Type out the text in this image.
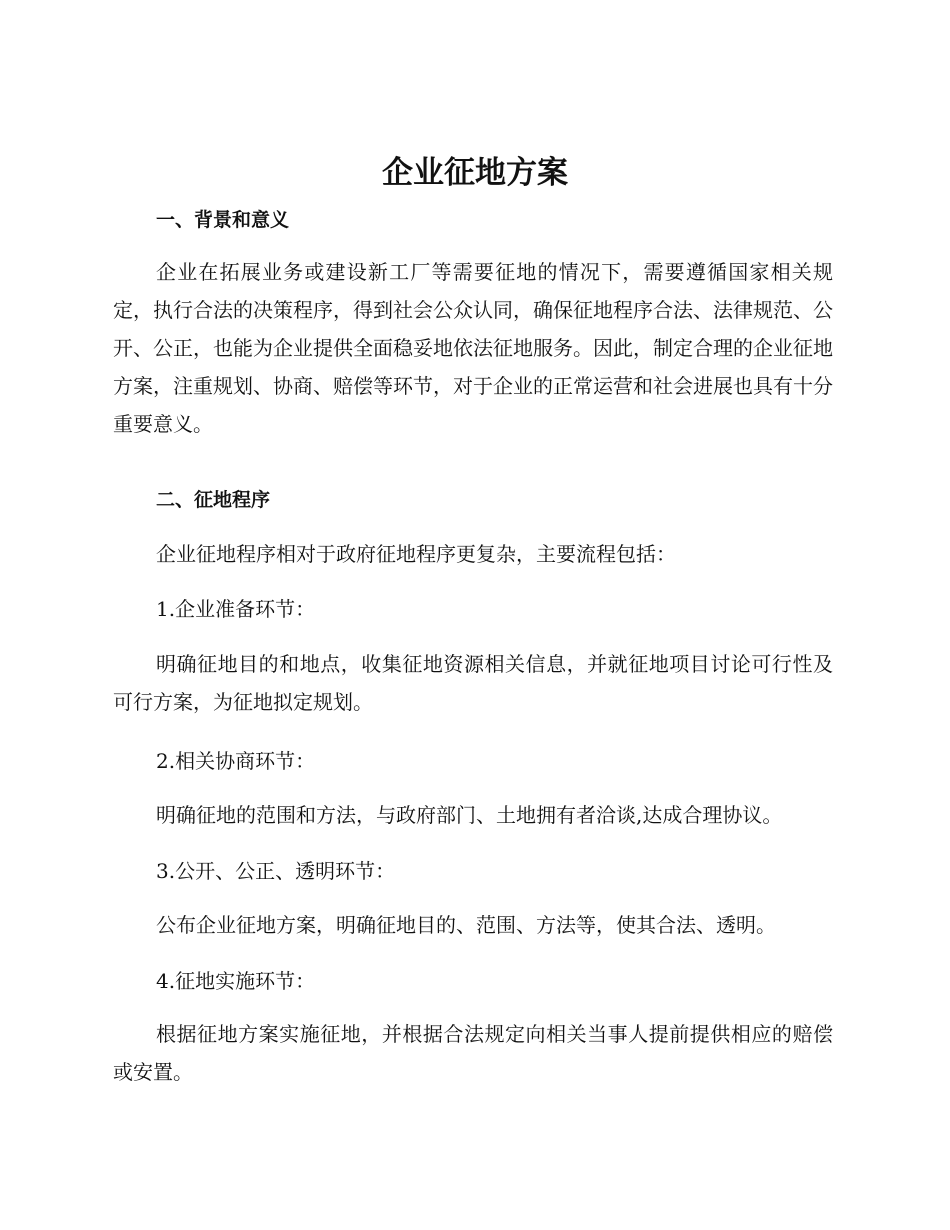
企业征地方案
一、背景和意义

企业在拓展业务或建设新工厂等需要征地的情况下，需要遵循国家相关规定，执行合法的决策程序，得到社会公众认同，确保征地程序合法、法律规范、公开、公正，也能为企业提供全面稳妥地依法征地服务。因此，制定合理的企业征地方案，注重规划、协商、赔偿等环节，对于企业的正常运营和社会进展也具有十分重要意义。

二、征地程序

企业征地程序相对于政府征地程序更复杂，主要流程包括：

1.企业准备环节：

明确征地目的和地点，收集征地资源相关信息，并就征地项目讨论可行性及可行方案，为征地拟定规划。

2.相关协商环节：

明确征地的范围和方法，与政府部门、土地拥有者洽谈,达成合理协议。

3.公开、公正、透明环节：

公布企业征地方案，明确征地目的、范围、方法等，使其合法、透明。

4.征地实施环节：

根据征地方案实施征地，并根据合法规定向相关当事人提前提供相应的赔偿或安置。
